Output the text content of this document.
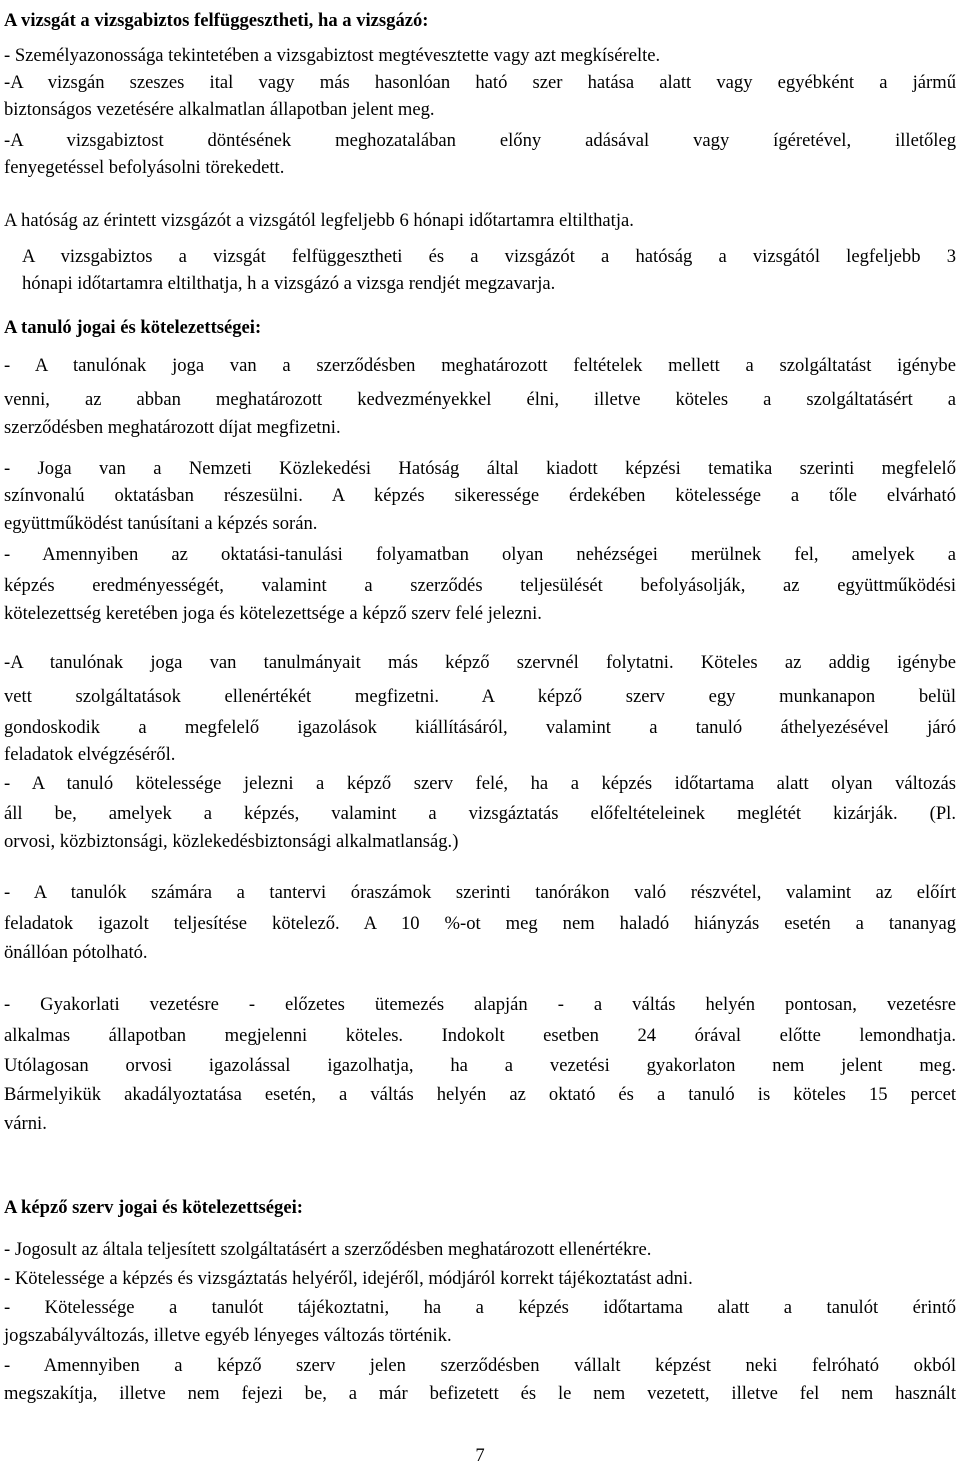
A vizsgát a vizsgabiztos felfüggesztheti, ha a vizsgázó:
- Személyazonossága tekintetében a vizsgabiztost megtévesztette vagy azt megkísérelte.
-A vizsgán szeszes ital vagy más hasonlóan ható szer hatása alatt vagy egyébként a jármű
biztonságos vezetésére alkalmatlan állapotban jelent meg.
-A vizsgabiztost döntésének meghozatalában előny adásával vagy ígéretével, illetőleg
fenyegetéssel befolyásolni törekedett.
A hatóság az érintett vizsgázót a vizsgától legfeljebb 6 hónapi időtartamra eltilthatja.
A vizsgabiztos a vizsgát felfüggesztheti és a vizsgázót a hatóság a vizsgától legfeljebb 3
hónapi időtartamra eltilthatja, h a vizsgázó a vizsga rendjét megzavarja.
A tanuló jogai és kötelezettségei:
- A tanulónak joga van a szerződésben meghatározott feltételek mellett a szolgáltatást igénybe
venni, az abban meghatározott kedvezményekkel élni, illetve köteles a szolgáltatásért a
szerződésben meghatározott díjat megfizetni.
- Joga van a Nemzeti Közlekedési Hatóság által kiadott képzési tematika szerinti megfelelő
színvonalú oktatásban részesülni. A képzés sikeressége érdekében kötelessége a tőle elvárható
együttműködést tanúsítani a képzés során.
- Amennyiben az oktatási-tanulási folyamatban olyan nehézségei merülnek fel, amelyek a
képzés eredményességét, valamint a szerződés teljesülését befolyásolják, az együttműködési
kötelezettség keretében joga és kötelezettsége a képző szerv felé jelezni.
-A tanulónak joga van tanulmányait más képző szervnél folytatni. Köteles az addig igénybe
vett szolgáltatások ellenértékét megfizetni. A képző szerv egy munkanapon belül
gondoskodik a megfelelő igazolások kiállításáról, valamint a tanuló áthelyezésével járó
feladatok elvégzéséről.
- A tanuló kötelessége jelezni a képző szerv felé, ha a képzés időtartama alatt olyan változás
áll be, amelyek a képzés, valamint a vizsgáztatás előfeltételeinek meglétét kizárják. (Pl.
orvosi, közbiztonsági, közlekedésbiztonsági alkalmatlanság.)
- A tanulók számára a tantervi óraszámok szerinti tanórákon való részvétel, valamint az előírt
feladatok igazolt teljesítése kötelező. A 10 %-ot meg nem haladó hiányzás esetén a tananyag
önállóan pótolható.
- Gyakorlati vezetésre - előzetes ütemezés alapján - a váltás helyén pontosan, vezetésre
alkalmas állapotban megjelenni köteles. Indokolt esetben 24 órával előtte lemondhatja.
Utólagosan orvosi igazolással igazolhatja, ha a vezetési gyakorlaton nem jelent meg.
Bármelyikük akadályoztatása esetén, a váltás helyén az oktató és a tanuló is köteles 15 percet
várni.
A képző szerv jogai és kötelezettségei:
- Jogosult az általa teljesített szolgáltatásért a szerződésben meghatározott ellenértékre.
- Kötelessége a képzés és vizsgáztatás helyéről, idejéről, módjáról korrekt tájékoztatást adni.
- Kötelessége a tanulót tájékoztatni, ha a képzés időtartama alatt a tanulót érintő
jogszabályváltozás, illetve egyéb lényeges változás történik.
- Amennyiben a képző szerv jelen szerződésben vállalt képzést neki felróható okból
megszakítja, illetve nem fejezi be, a már befizetett és le nem vezetett, illetve fel nem használt
7
